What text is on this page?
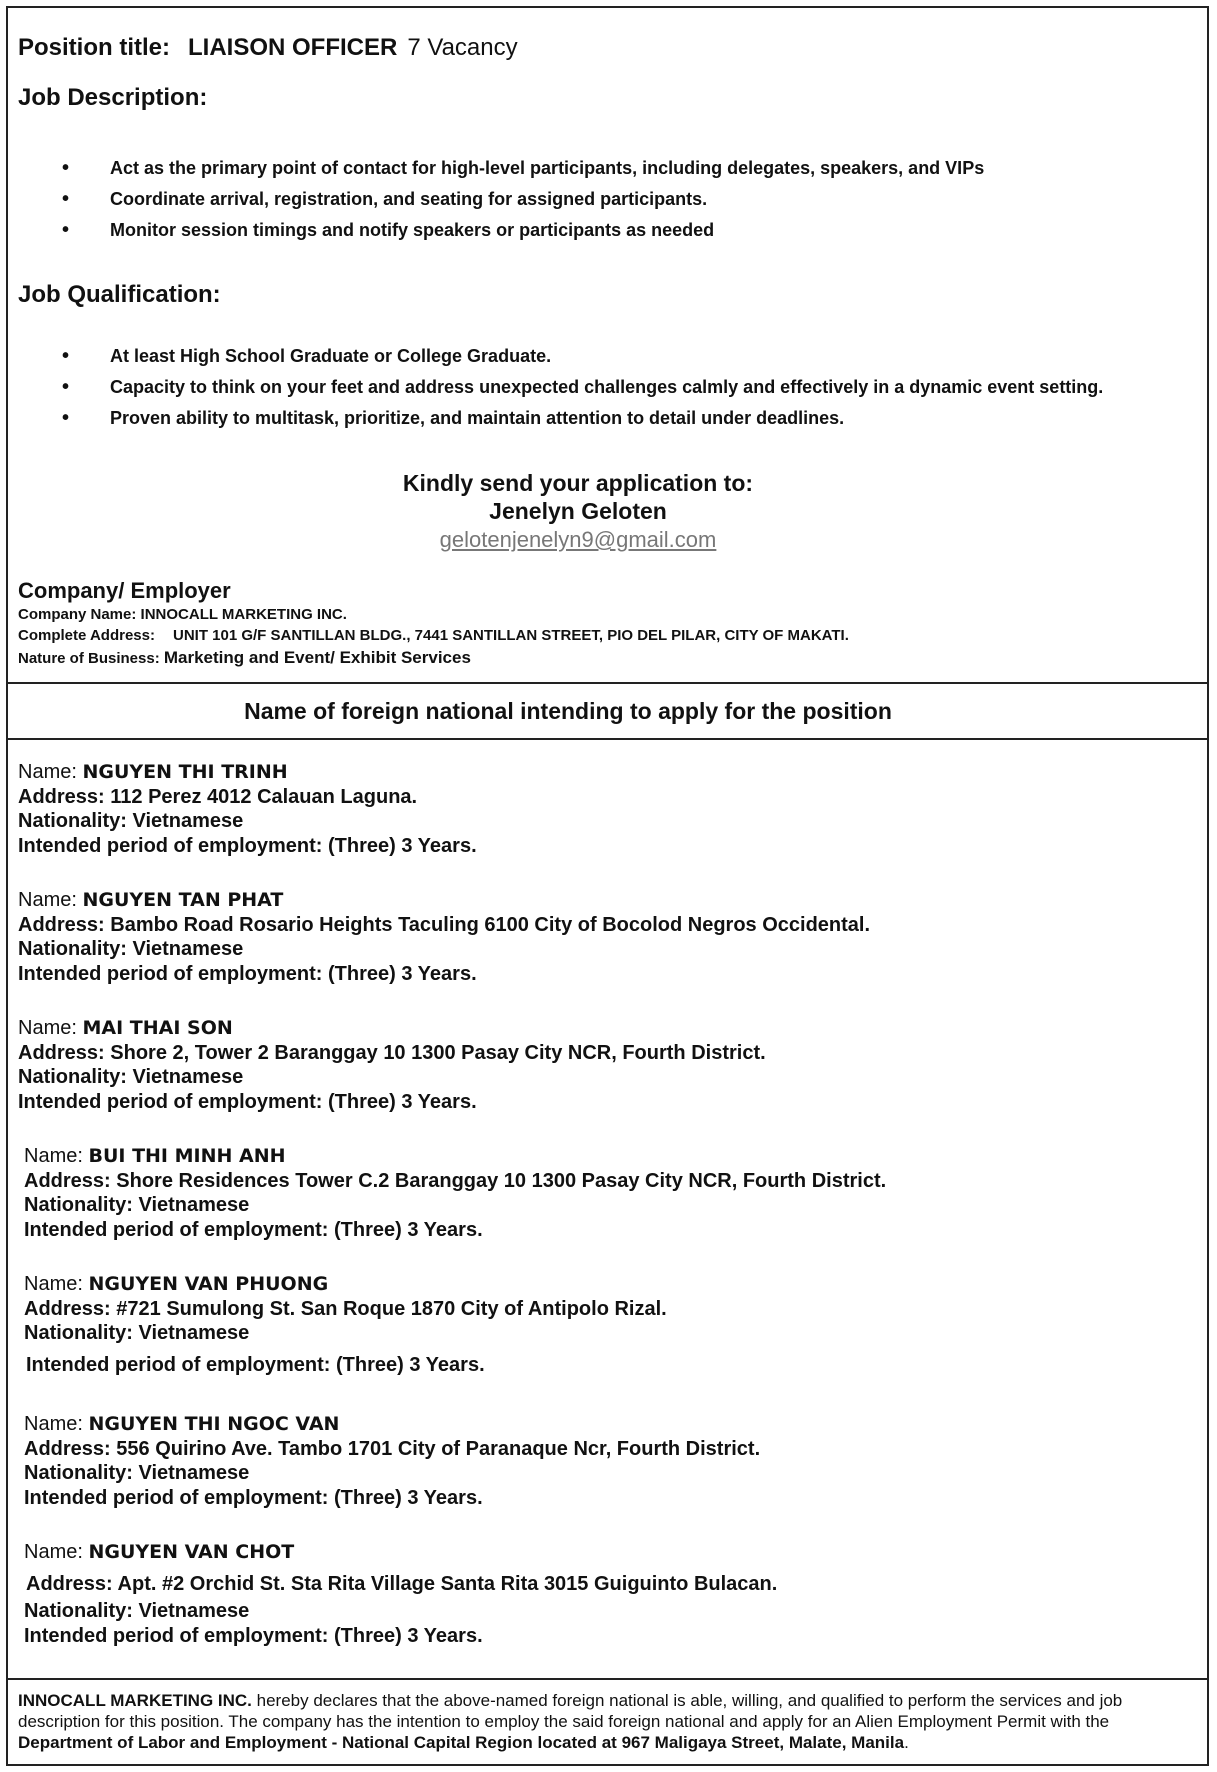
Position title: LIAISON OFFICER 7 Vacancy
Job Description:
• Act as the primary point of contact for high-level participants, including delegates, speakers, and VIPs
• Coordinate arrival, registration, and seating for assigned participants.
• Monitor session timings and notify speakers or participants as needed
Job Qualification:
• At least High School Graduate or College Graduate.
• Capacity to think on your feet and address unexpected challenges calmly and effectively in a dynamic event setting.
• Proven ability to multitask, prioritize, and maintain attention to detail under deadlines.
Kindly send your application to:
Jenelyn Geloten
gelotenjenelyn9@gmail.com
Company/ Employer
Company Name: INNOCALL MARKETING INC.
Complete Address: UNIT 101 G/F SANTILLAN BLDG., 7441 SANTILLAN STREET, PIO DEL PILAR, CITY OF MAKATI.
Nature of Business: Marketing and Event/ Exhibit Services
Name of foreign national intending to apply for the position
Name: NGUYEN THI TRINH
Address: 112 Perez 4012 Calauan Laguna.
Nationality: Vietnamese
Intended period of employment: (Three) 3 Years.
Name: NGUYEN TAN PHAT
Address: Bambo Road Rosario Heights Taculing 6100 City of Bocolod Negros Occidental.
Nationality: Vietnamese
Intended period of employment: (Three) 3 Years.
Name: MAI THAI SON
Address: Shore 2, Tower 2 Baranggay 10 1300 Pasay City NCR, Fourth District.
Nationality: Vietnamese
Intended period of employment: (Three) 3 Years.
Name: BUI THI MINH ANH
Address: Shore Residences Tower C.2 Baranggay 10 1300 Pasay City NCR, Fourth District.
Nationality: Vietnamese
Intended period of employment: (Three) 3 Years.
Name: NGUYEN VAN PHUONG
Address: #721 Sumulong St. San Roque 1870 City of Antipolo Rizal.
Nationality: Vietnamese
Intended period of employment: (Three) 3 Years.
Name: NGUYEN THI NGOC VAN
Address: 556 Quirino Ave. Tambo 1701 City of Paranaque Ncr, Fourth District.
Nationality: Vietnamese
Intended period of employment: (Three) 3 Years.
Name: NGUYEN VAN CHOT
Address: Apt. #2 Orchid St. Sta Rita Village Santa Rita 3015 Guiguinto Bulacan.
Nationality: Vietnamese
Intended period of employment: (Three) 3 Years.
INNOCALL MARKETING INC. hereby declares that the above-named foreign national is able, willing, and qualified to perform the services and job description for this position. The company has the intention to employ the said foreign national and apply for an Alien Employment Permit with the Department of Labor and Employment - National Capital Region located at 967 Maligaya Street, Malate, Manila.
